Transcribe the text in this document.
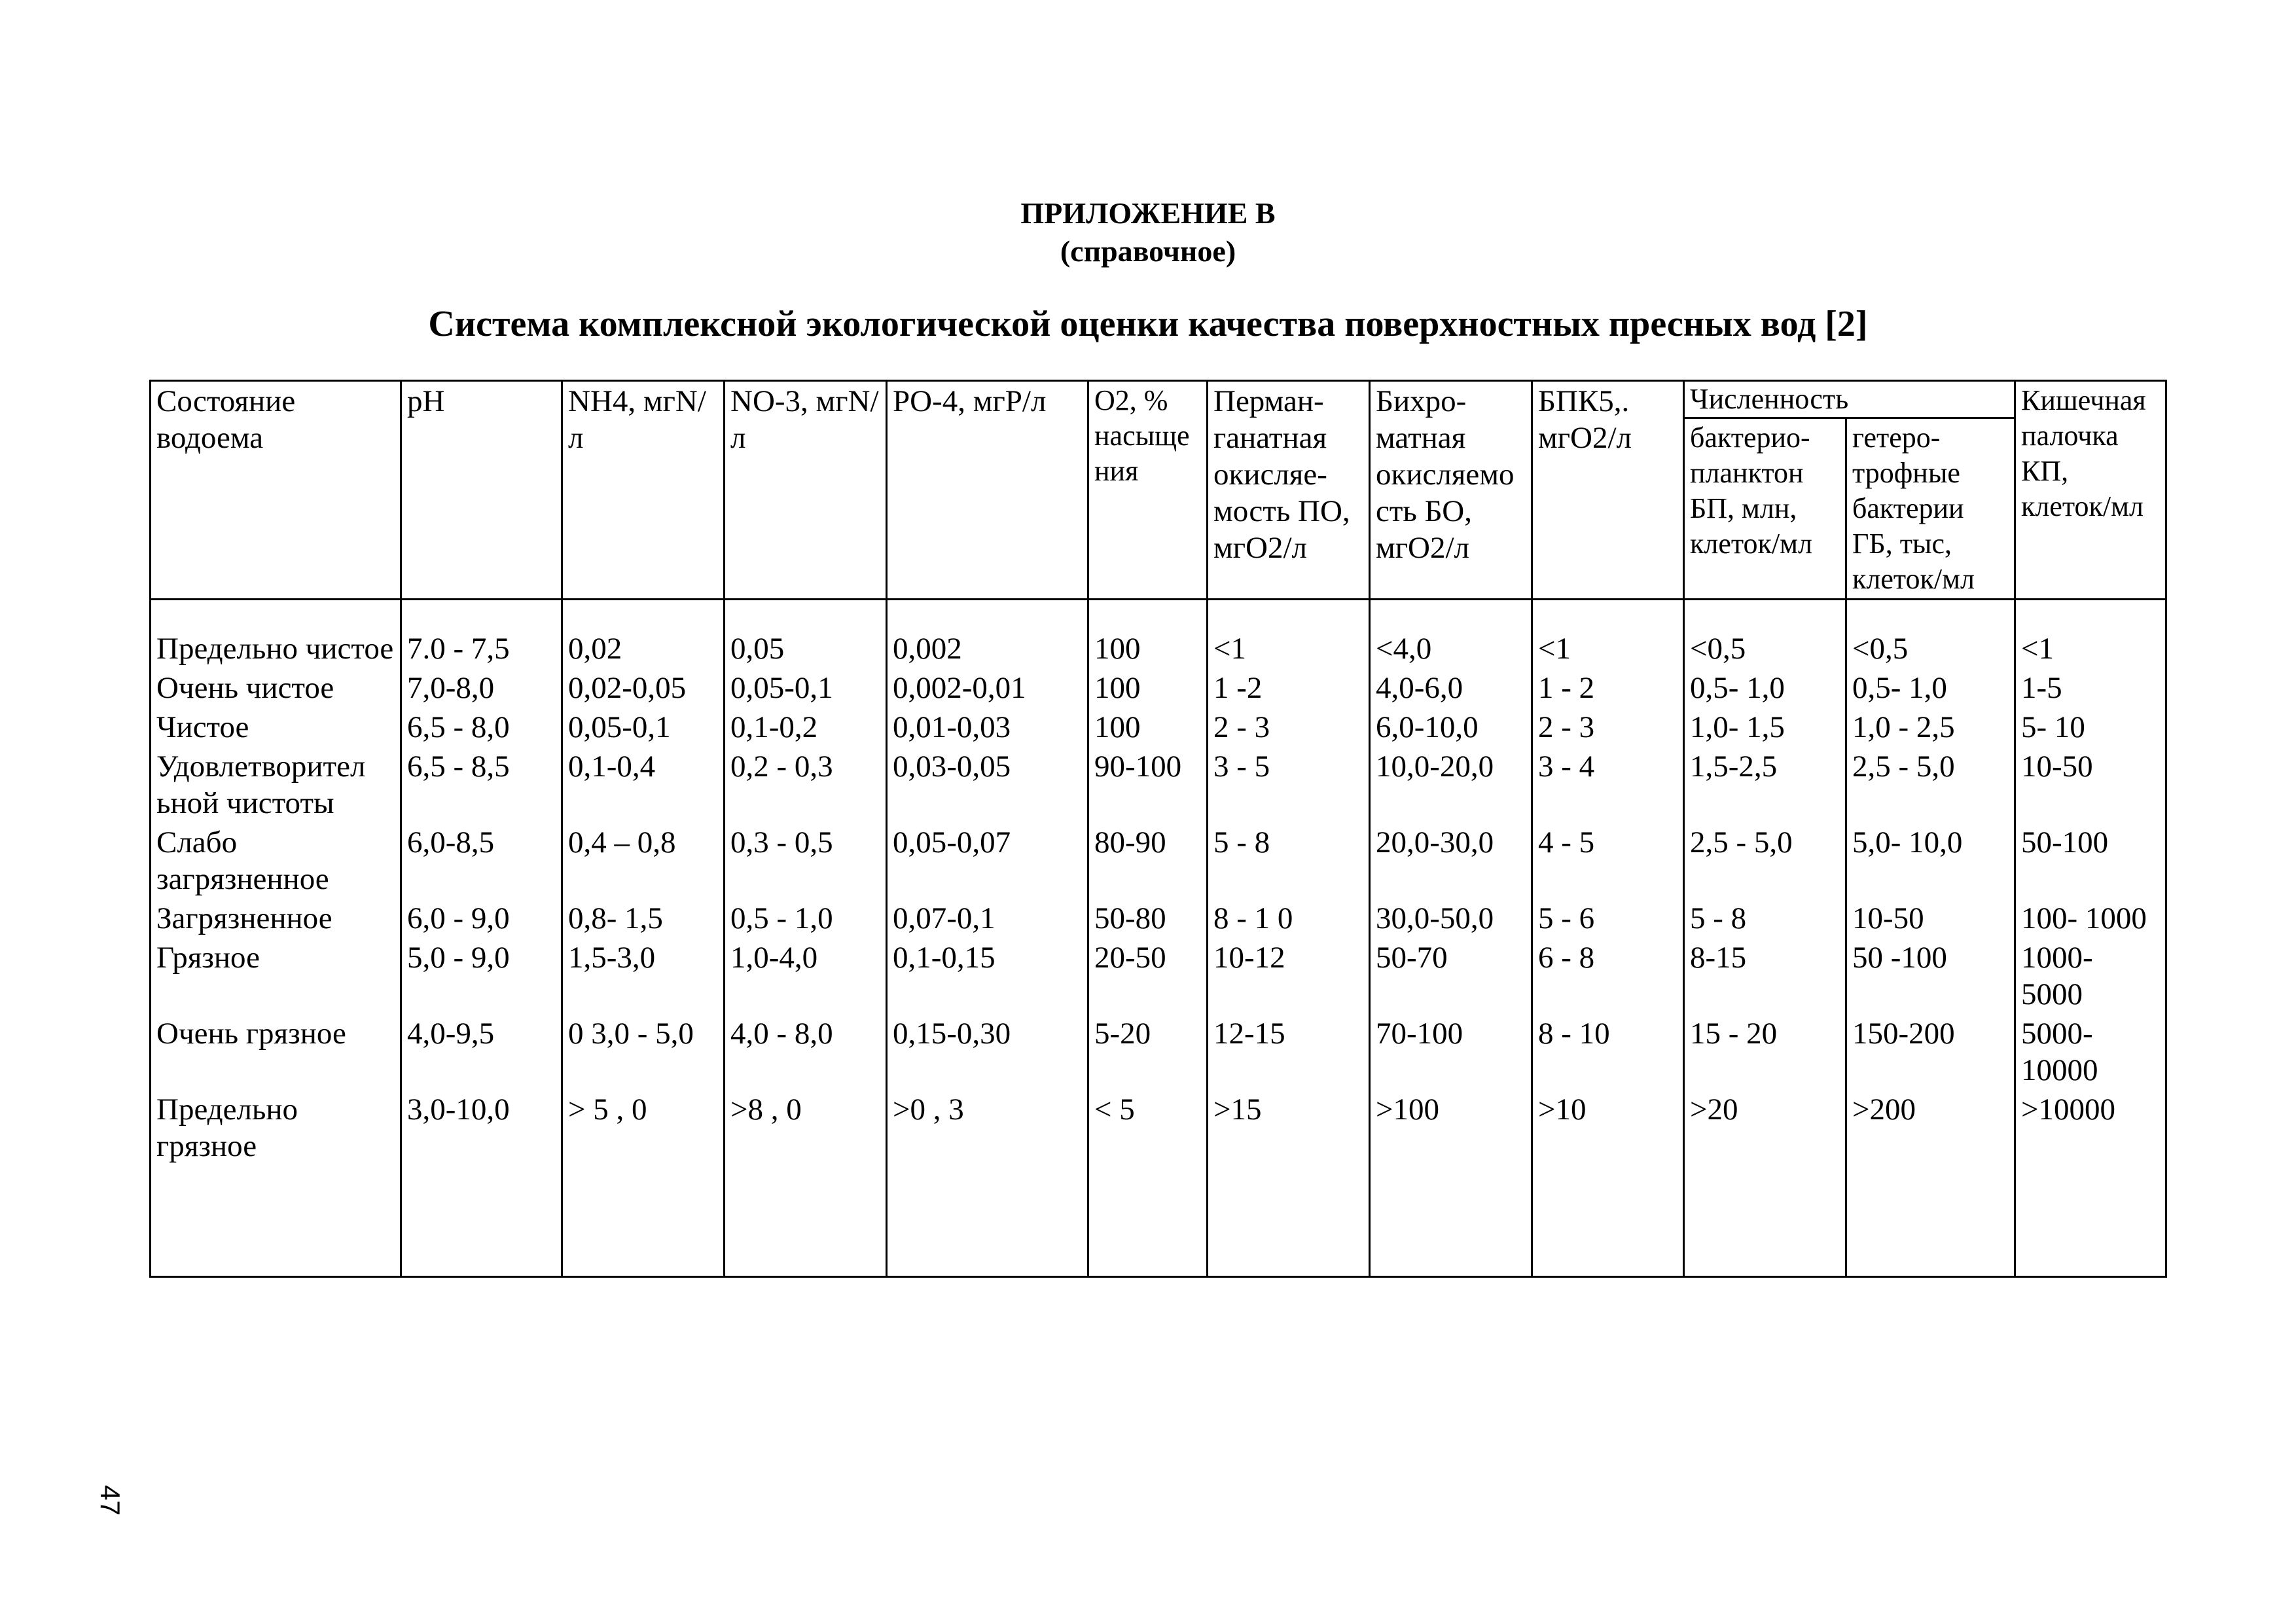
ПРИЛОЖЕНИЕ В
(справочное)
Система комплексной экологической оценки качества поверхностных пресных вод [2]
Состояние водоема	pH	NH4, мгN/л	NO-3, мгN/л	PO-4, мгP/л	O2, % насыще ния	Перман- ганатная окисляе- мость ПО, мгO2/л	Бихро- матная окисляемо сть БО, мгO2/л	БПК5,. мгO2/л	Численность		Кишечная палочка КП, клеток/мл
									бактерио- планктон БП, млн, клеток/мл	гетеро- трофные бактерии ГБ, тыс, клеток/мл	
Предельно чистое	7.0 - 7,5	0,02	0,05	0,002	100	<1	<4,0	<1	<0,5	<0,5	<1
Очень чистое	7,0-8,0	0,02-0,05	0,05-0,1	0,002-0,01	100	1 -2	4,0-6,0	1 - 2	0,5- 1,0	0,5- 1,0	1-5
Чистое	6,5 - 8,0	0,05-0,1	0,1-0,2	0,01-0,03	100	2 - 3	6,0-10,0	2 - 3	1,0- 1,5	1,0 - 2,5	5- 10
Удовлетворител ьной чистоты	6,5 - 8,5	0,1-0,4	0,2 - 0,3	0,03-0,05	90-100	3 - 5	10,0-20,0	3 - 4	1,5-2,5	2,5 - 5,0	10-50
Слабо загрязненное	6,0-8,5	0,4 – 0,8	0,3 - 0,5	0,05-0,07	80-90	5 - 8	20,0-30,0	4 - 5	2,5 - 5,0	5,0- 10,0	50-100
Загрязненное	6,0 - 9,0	0,8- 1,5	0,5 - 1,0	0,07-0,1	50-80	8 - 1 0	30,0-50,0	5 - 6	5 - 8	10-50	100- 1000
Грязное	5,0 - 9,0	1,5-3,0	1,0-4,0	0,1-0,15	20-50	10-12	50-70	6 - 8	8-15	50 -100	1000- 5000
Очень грязное	4,0-9,5	0 3,0 - 5,0	4,0 - 8,0	0,15-0,30	5-20	12-15	70-100	8 - 10	15 - 20	150-200	5000- 10000
Предельно грязное	3,0-10,0	> 5 , 0	>8 , 0	>0 , 3	< 5	>15	>100	>10	>20	>200	>10000
47
